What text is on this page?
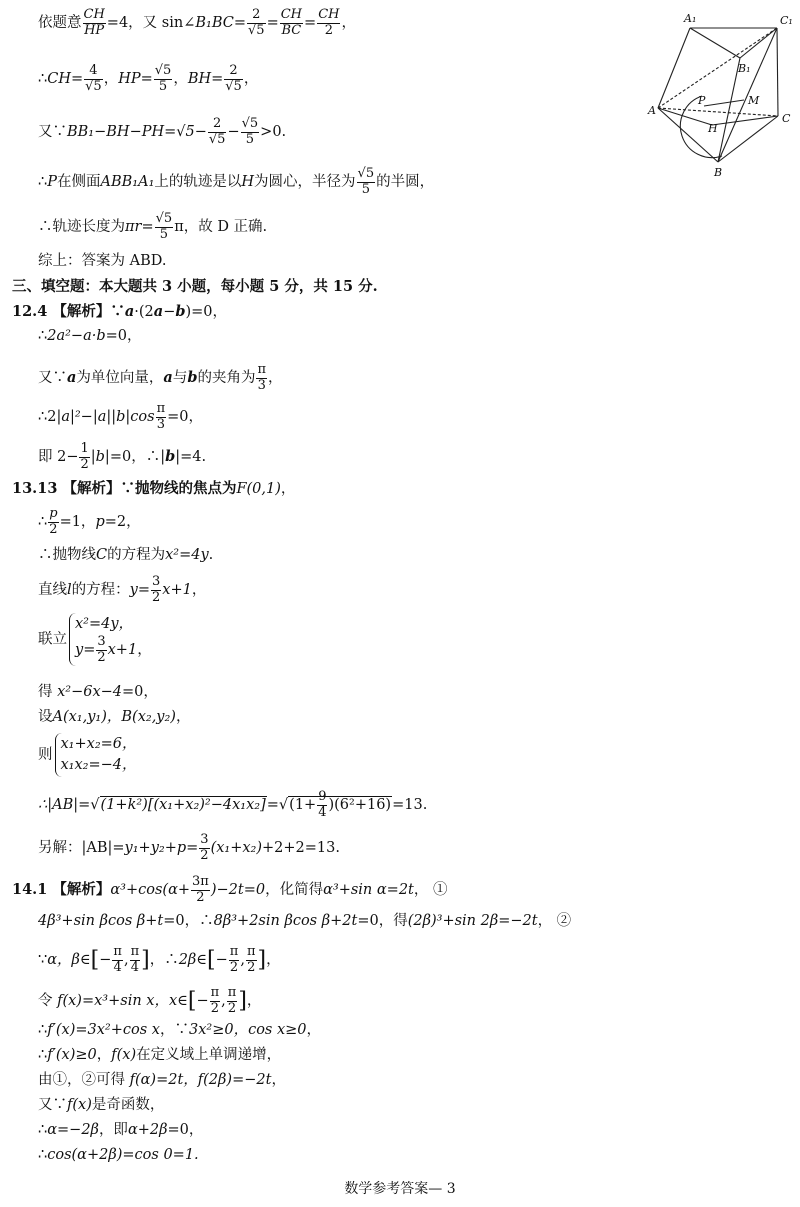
依题意 $\frac{CH}{HP} =4$，又 sin∠B₁BC= $\frac{2}{√5} = \frac{CH}{BC} = \frac{CH}{2}$ ，
∴CH= $\frac{4}{√5}$ ，$HP= \frac{√5}{5}$ ，$BH= \frac{2}{√5}$ ，
又∵BB₁−BH−PH=√5− $\frac{2}{√5} - \frac{√5}{5} >0$.
∴P在侧面ABB₁A₁上的轨迹是以H为圆心，半径为 $\frac{√5}{5}$ 的半圆，
∴轨迹长度为$\pi r= \frac{√5}{5}$ π，故 D 正确.
综上：答案为 ABD.
三、填空题：本大题共 3 小题，每小题 5 分，共 15 分.
12.4 【解析】∵a·(2a−b)=0，
∴2a²−a·b=0，
又∵a为单位向量，a与b的夹角为 $\frac{\pi}{3}$ ，
∴2|a|²−|a||b|cos $\frac{\pi}{3} =0$，
即 $2- \frac{1}{2} |b|=0$，∴|b|=4.
13.13 【解析】∵抛物线的焦点为F(0,1)，
∴ $\frac{p}{2} =1$，p=2，
∴抛物线C的方程为x²=4y.
直线l的方程：$y= \frac{3}{2} x+1$，
联立
x²=4y，
$y= \frac{3}{2} x+1$，
得 x²−6x−4=0，
设A(x₁,y₁)，B(x₂,y₂)，
则
x₁+x₂=6，
x₁x₂=−4，
∴|AB|=√(1+k²)[(x₁+x₂)²−4x₁x₂]=√(1+ $\frac{9}{4} )(6^2+16)=13$.
另解：$|AB|=y_1+y_2+p= \frac{3}{2} (x_1+x_2)+2+2=13$.
14.1 【解析】$\alpha^3+\cos(\alpha+ \frac{3\pi}{2} )-2t=0$，化简得α³+sin α=2t， ①
4β³+sin βcos β+t=0，∴8β³+2sin βcos β+2t=0，得(2β)³+sin 2β=−2t， ②
∵α，β∈[− $\frac{\pi}{4}$ , $\frac{\pi}{4}$ ]，∴2β∈[− $\frac{\pi}{2}$ , $\frac{\pi}{2}$ ]，
令 f(x)=x³+sin x，x∈[− $\frac{\pi}{2}$ , $\frac{\pi}{2}$ ]，
∴f′(x)=3x²+cos x，∵3x²≥0，cos x≥0，
∴f′(x)≥0，f(x)在定义域上单调递增，
由①，②可得 f(α)=2t，f(2β)=−2t，
又∵f(x)是奇函数，
∴α=−2β，即α+2β=0，
∴cos(α+2β)=cos 0=1.
数学参考答案— 3
A₁	C₁
B₁
P	M
A
H
C
B
